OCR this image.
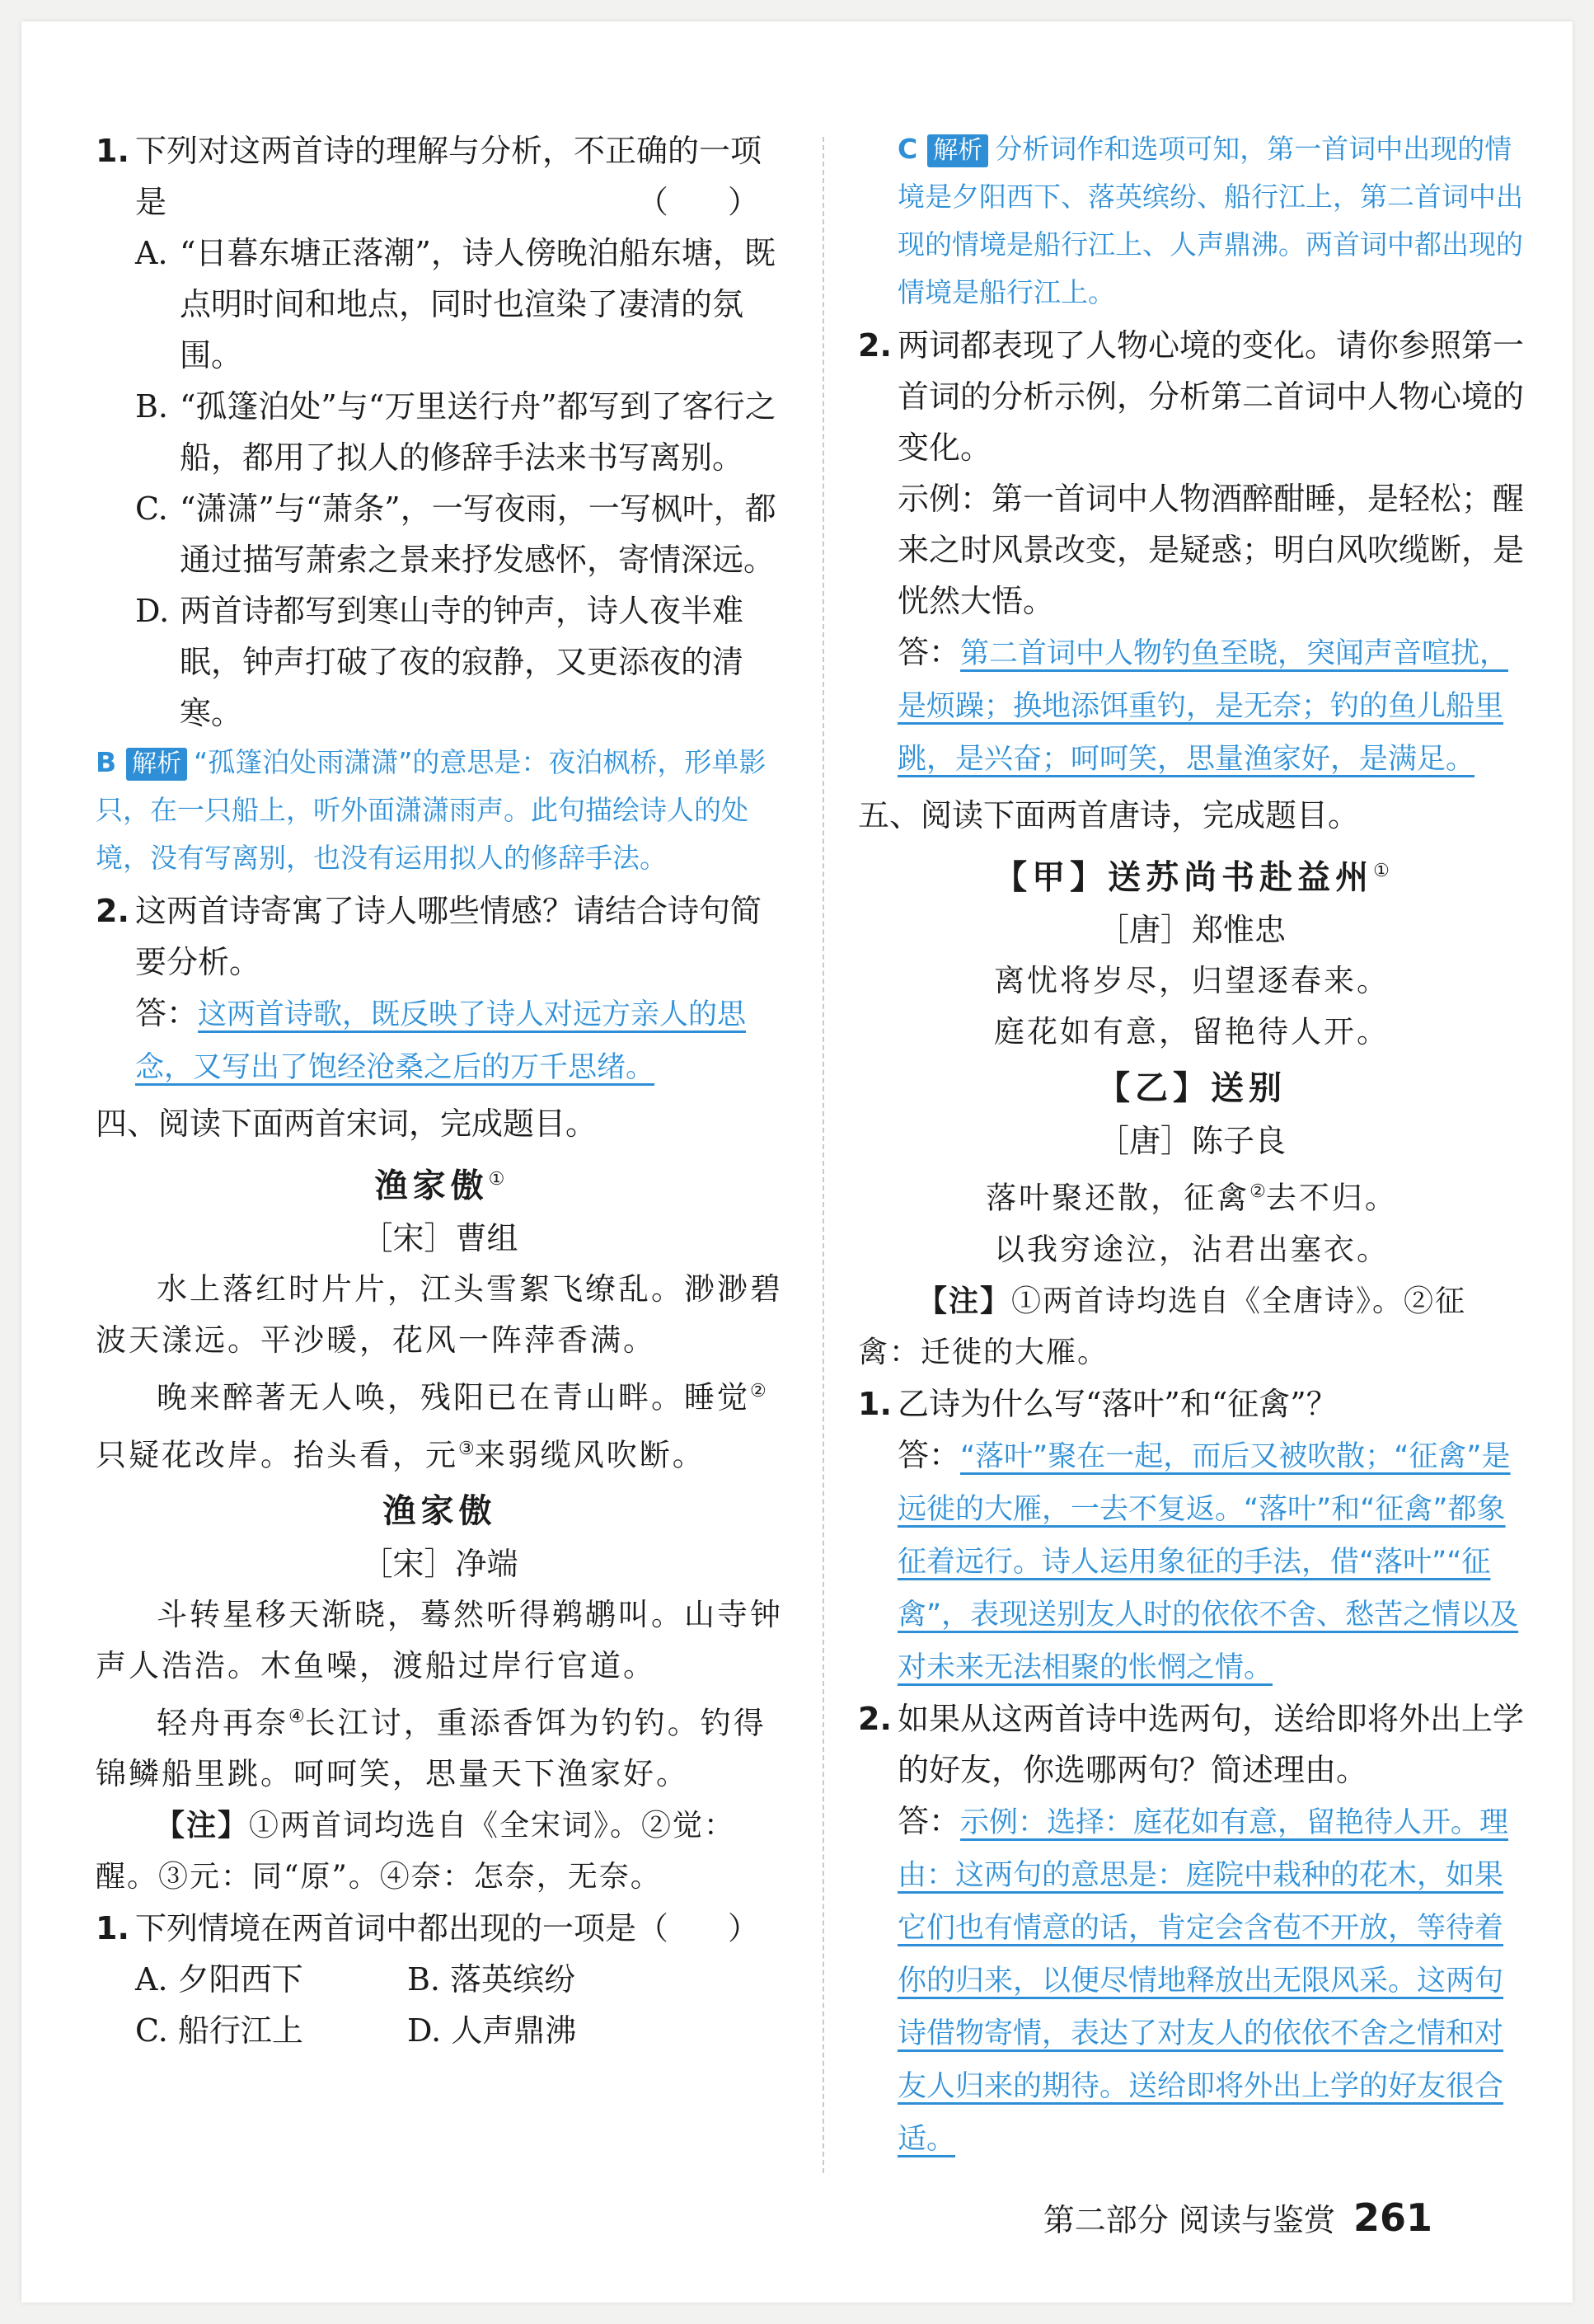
1. 下列对这两首诗的理解与分析，不正确的一项是	（ ）
A. “日暮东塘正落潮”，诗人傍晚泊船东塘，既点明时间和地点，同时也渲染了凄清的氛围。
B. “孤篷泊处”与“万里送行舟”都写到了客行之船，都用了拟人的修辞手法来书写离别。
C. “潇潇”与“萧条”，一写夜雨，一写枫叶，都通过描写萧索之景来抒发感怀，寄情深远。
D. 两首诗都写到寒山寺的钟声，诗人夜半难眠，钟声打破了夜的寂静，又更添夜的清寒。

B 解析 “孤篷泊处雨潇潇”的意思是：夜泊枫桥，形单影只，在一只船上，听外面潇潇雨声。此句描绘诗人的处境，没有写离别，也没有运用拟人的修辞手法。

2. 这两首诗寄寓了诗人哪些情感？请结合诗句简要分析。

答：这两首诗歌，既反映了诗人对远方亲人的思念，又写出了饱经沧桑之后的万千思绪。

四、阅读下面两首宋词，完成题目。

渔家傲①

［宋］曹组

水上落红时片片，江头雪絮飞缭乱。渺渺碧波天漾远。平沙暖，花风一阵萍香满。

晚来醉著无人唤，残阳已在青山畔。睡觉②只疑花改岸。抬头看，元③来弱缆风吹断。

渔家傲

［宋］净端

斗转星移天渐晓，蓦然听得鹈鹕叫。山寺钟声人浩浩。木鱼噪，渡船过岸行官道。

轻舟再奈④长江讨，重添香饵为钓钓。钓得锦鳞船里跳。呵呵笑，思量天下渔家好。

【注】①两首词均选自《全宋词》。②觉：醒。③元：同“原”。④奈：怎奈，无奈。

1. 下列情境在两首词中都出现的一项是 （ ）
A. 夕阳西下	B. 落英缤纷
C. 船行江上	D. 人声鼎沸

C 解析 分析词作和选项可知，第一首词中出现的情境是夕阳西下、落英缤纷、船行江上，第二首词中出现的情境是船行江上、人声鼎沸。两首词中都出现的情境是船行江上。

2. 两词都表现了人物心境的变化。请你参照第一首词的分析示例，分析第二首词中人物心境的变化。

示例：第一首词中人物酒醉酣睡，是轻松；醒来之时风景改变，是疑惑；明白风吹缆断，是恍然大悟。

答：第二首词中人物钓鱼至晓，突闻声音喧扰，是烦躁；换地添饵重钓，是无奈；钓的鱼儿船里跳，是兴奋；呵呵笑，思量渔家好，是满足。

五、阅读下面两首唐诗，完成题目。

【甲】送苏尚书赴益州①

［唐］郑惟忠

离忧将岁尽，归望逐春来。

庭花如有意，留艳待人开。

【乙】送别

［唐］陈子良

落叶聚还散，征禽②去不归。

以我穷途泣，沾君出塞衣。

【注】①两首诗均选自《全唐诗》。②征禽：迁徙的大雁。

1. 乙诗为什么写“落叶”和“征禽”？

答：“落叶”聚在一起，而后又被吹散；“征禽”是远徙的大雁，一去不复返。“落叶”和“征禽”都象征着远行。诗人运用象征的手法，借“落叶”“征禽”，表现送别友人时的依依不舍、愁苦之情以及对未来无法相聚的怅惘之情。

2. 如果从这两首诗中选两句，送给即将外出上学的好友，你选哪两句？简述理由。

答：示例：选择：庭花如有意，留艳待人开。理由：这两句的意思是：庭院中栽种的花木，如果它们也有情意的话，肯定会含苞不开放，等待着你的归来，以便尽情地释放出无限风采。这两句诗借物寄情，表达了对友人的依依不舍之情和对友人归来的期待。送给即将外出上学的好友很合适。

第二部分 阅读与鉴赏 261
